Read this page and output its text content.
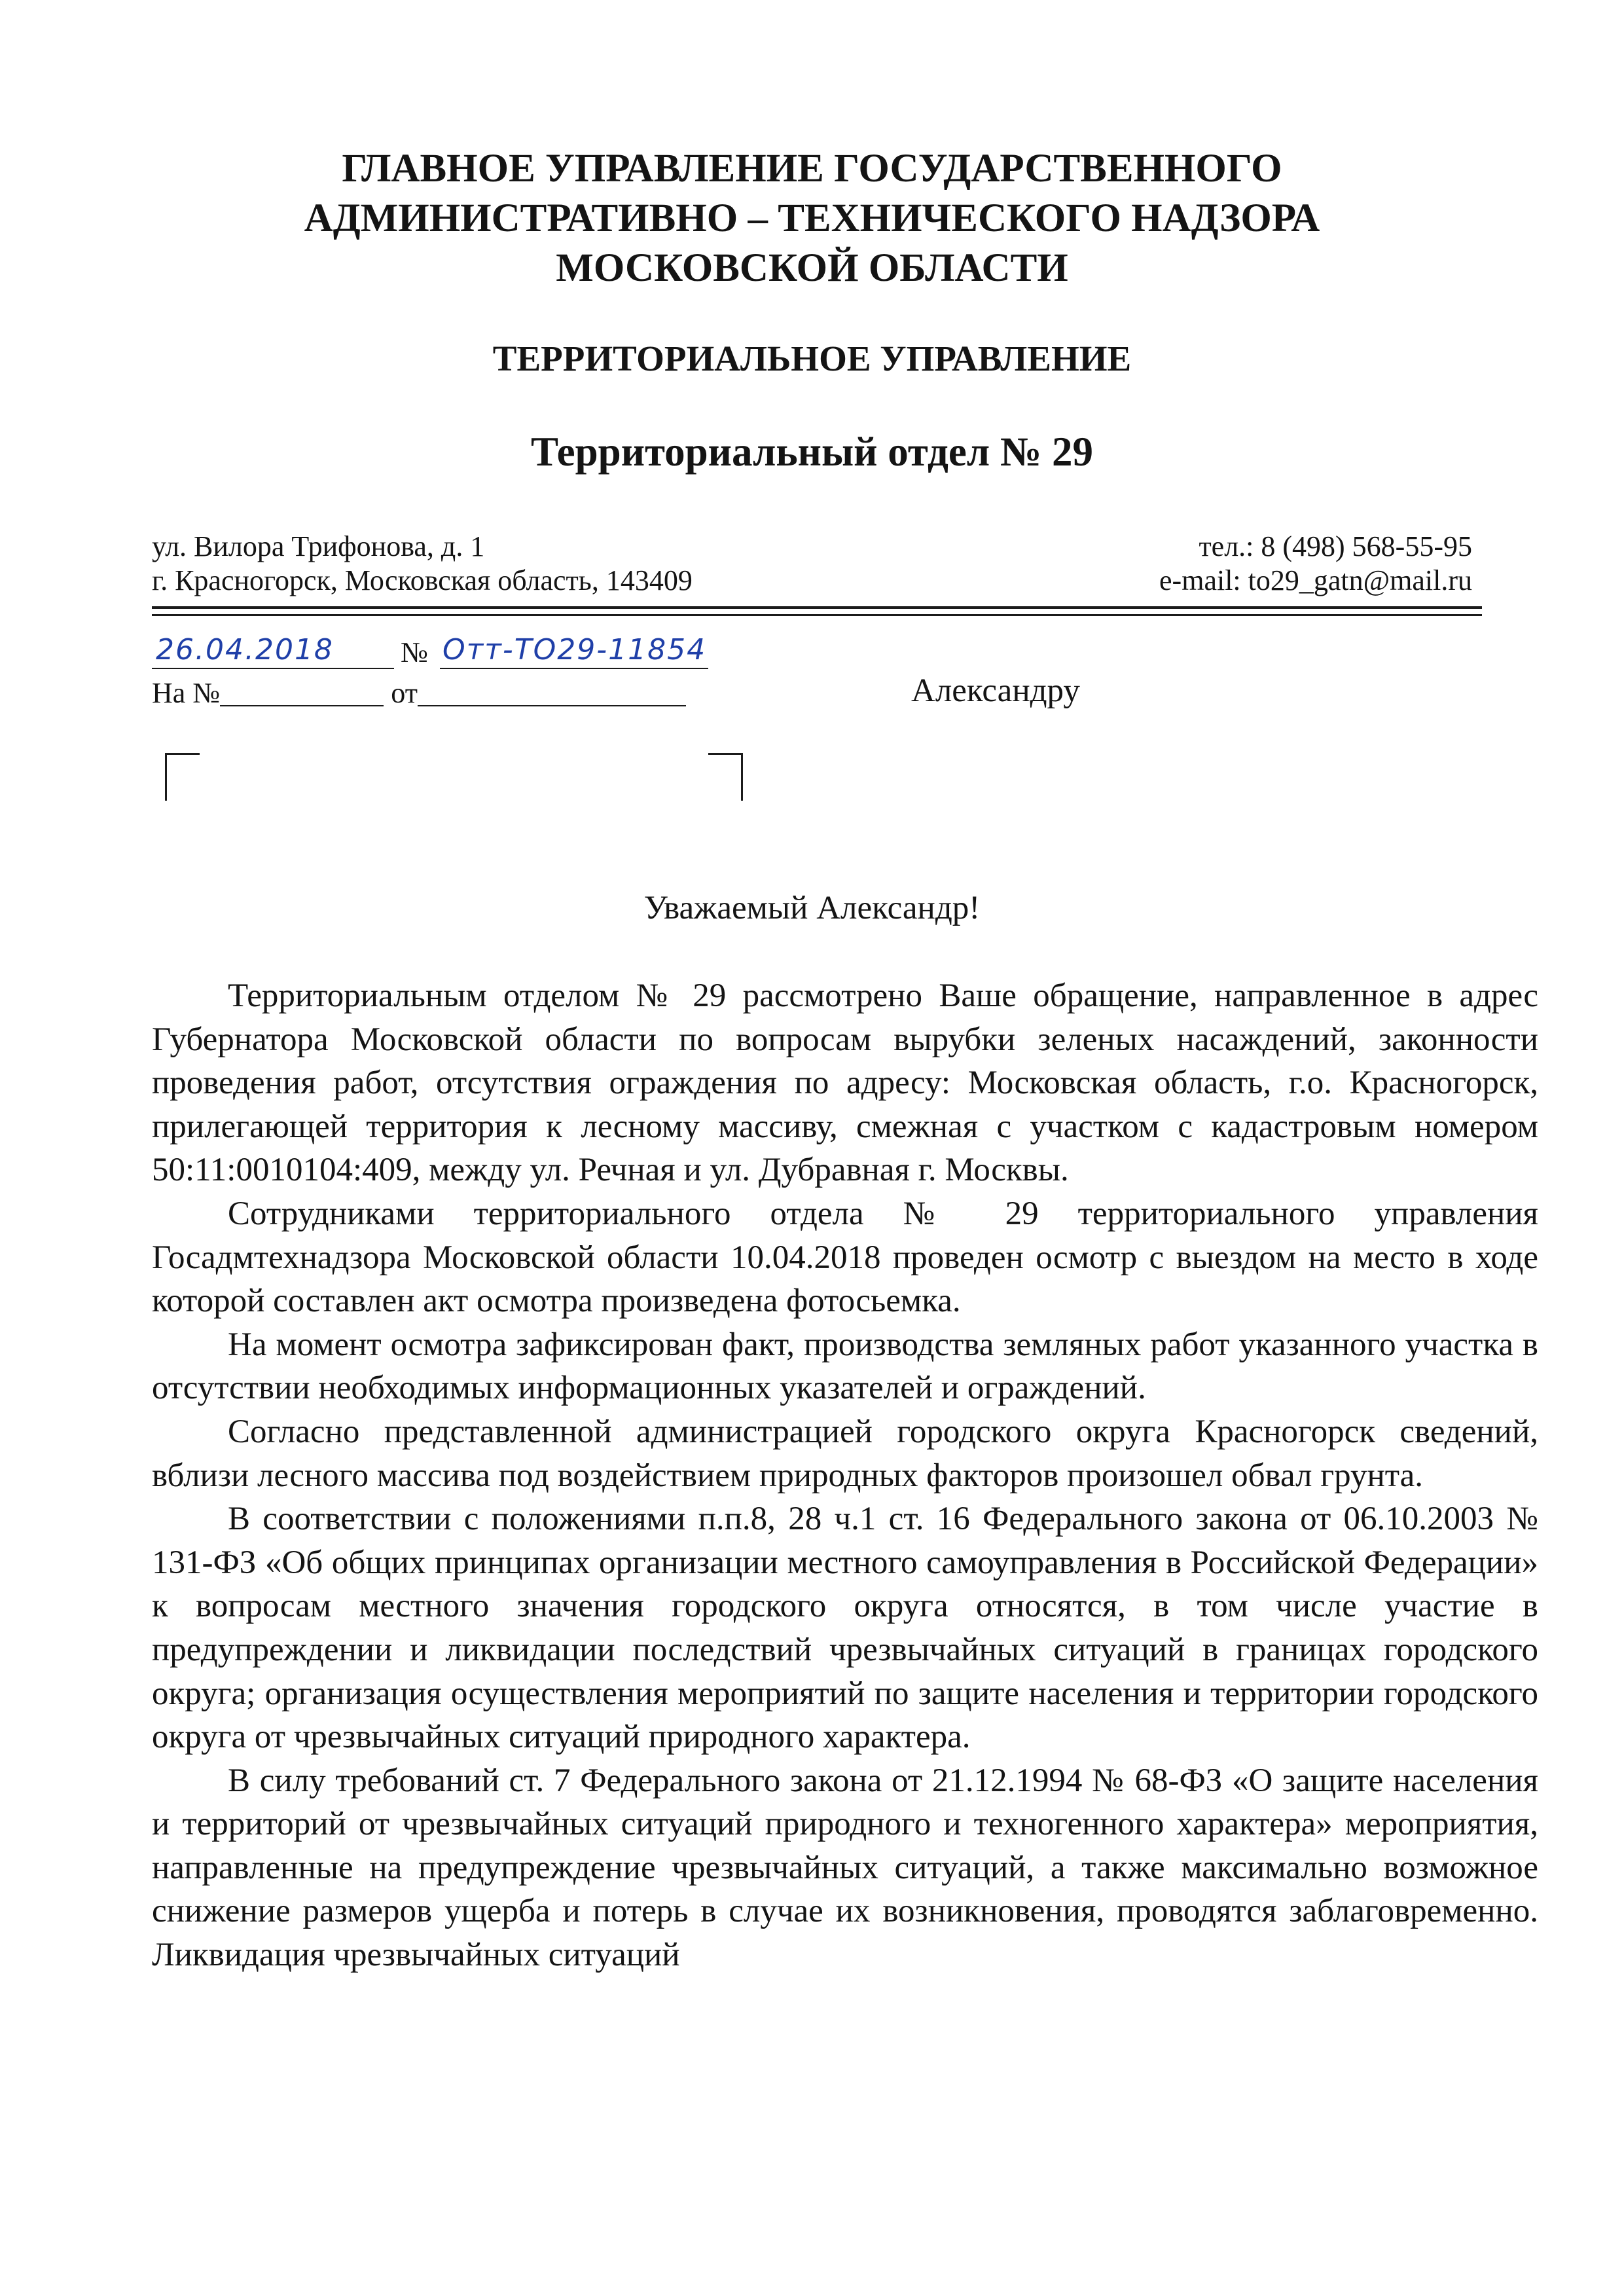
ГЛАВНОЕ УПРАВЛЕНИЕ ГОСУДАРСТВЕННОГО

АДМИНИСТРАТИВНО – ТЕХНИЧЕСКОГО НАДЗОРА

МОСКОВСКОЙ ОБЛАСТИ

ТЕРРИТОРИАЛЬНОЕ УПРАВЛЕНИЕ

Территориальный отдел № 29

ул. Вилора Трифонова, д. 1

г. Красногорск, Московская область, 143409

тел.: 8 (498) 568-55-95

e-mail: to29_gatn@mail.ru

26.04.2018 № Отт-ТО29-11854
На №	от	Александру

Уважаемый Александр!

Территориальным отделом № 29 рассмотрено Ваше обращение, направленное в адрес Губернатора Московской области по вопросам вырубки зеленых насаждений, законности проведения работ, отсутствия ограждения по адресу: Московская область, г.о. Красногорск, прилегающей территория к лесному массиву, смежная с участком с кадастровым номером 50:11:0010104:409, между ул. Речная и ул. Дубравная г. Москвы.

Сотрудниками территориального отдела № 29 территориального управления Госадмтехнадзора Московской области 10.04.2018 проведен осмотр с выездом на место в ходе которой составлен акт осмотра произведена фотосьемка.

На момент осмотра зафиксирован факт, производства земляных работ указанного участка в отсутствии необходимых информационных указателей и ограждений.

Согласно представленной администрацией городского округа Красногорск сведений, вблизи лесного массива под воздействием природных факторов произошел обвал грунта.

В соответствии с положениями п.п.8, 28 ч.1 ст. 16 Федерального закона от 06.10.2003 № 131-ФЗ «Об общих принципах организации местного самоуправления в Российской Федерации» к вопросам местного значения городского округа относятся, в том числе участие в предупреждении и ликвидации последствий чрезвычайных ситуаций в границах городского округа; организация осуществления мероприятий по защите населения и территории городского округа от чрезвычайных ситуаций природного характера.

В силу требований ст. 7 Федерального закона от 21.12.1994 № 68-ФЗ «О защите населения и территорий от чрезвычайных ситуаций природного и техногенного характера» мероприятия, направленные на предупреждение чрезвычайных ситуаций, а также максимально возможное снижение размеров ущерба и потерь в случае их возникновения, проводятся заблаговременно. Ликвидация чрезвычайных ситуаций
